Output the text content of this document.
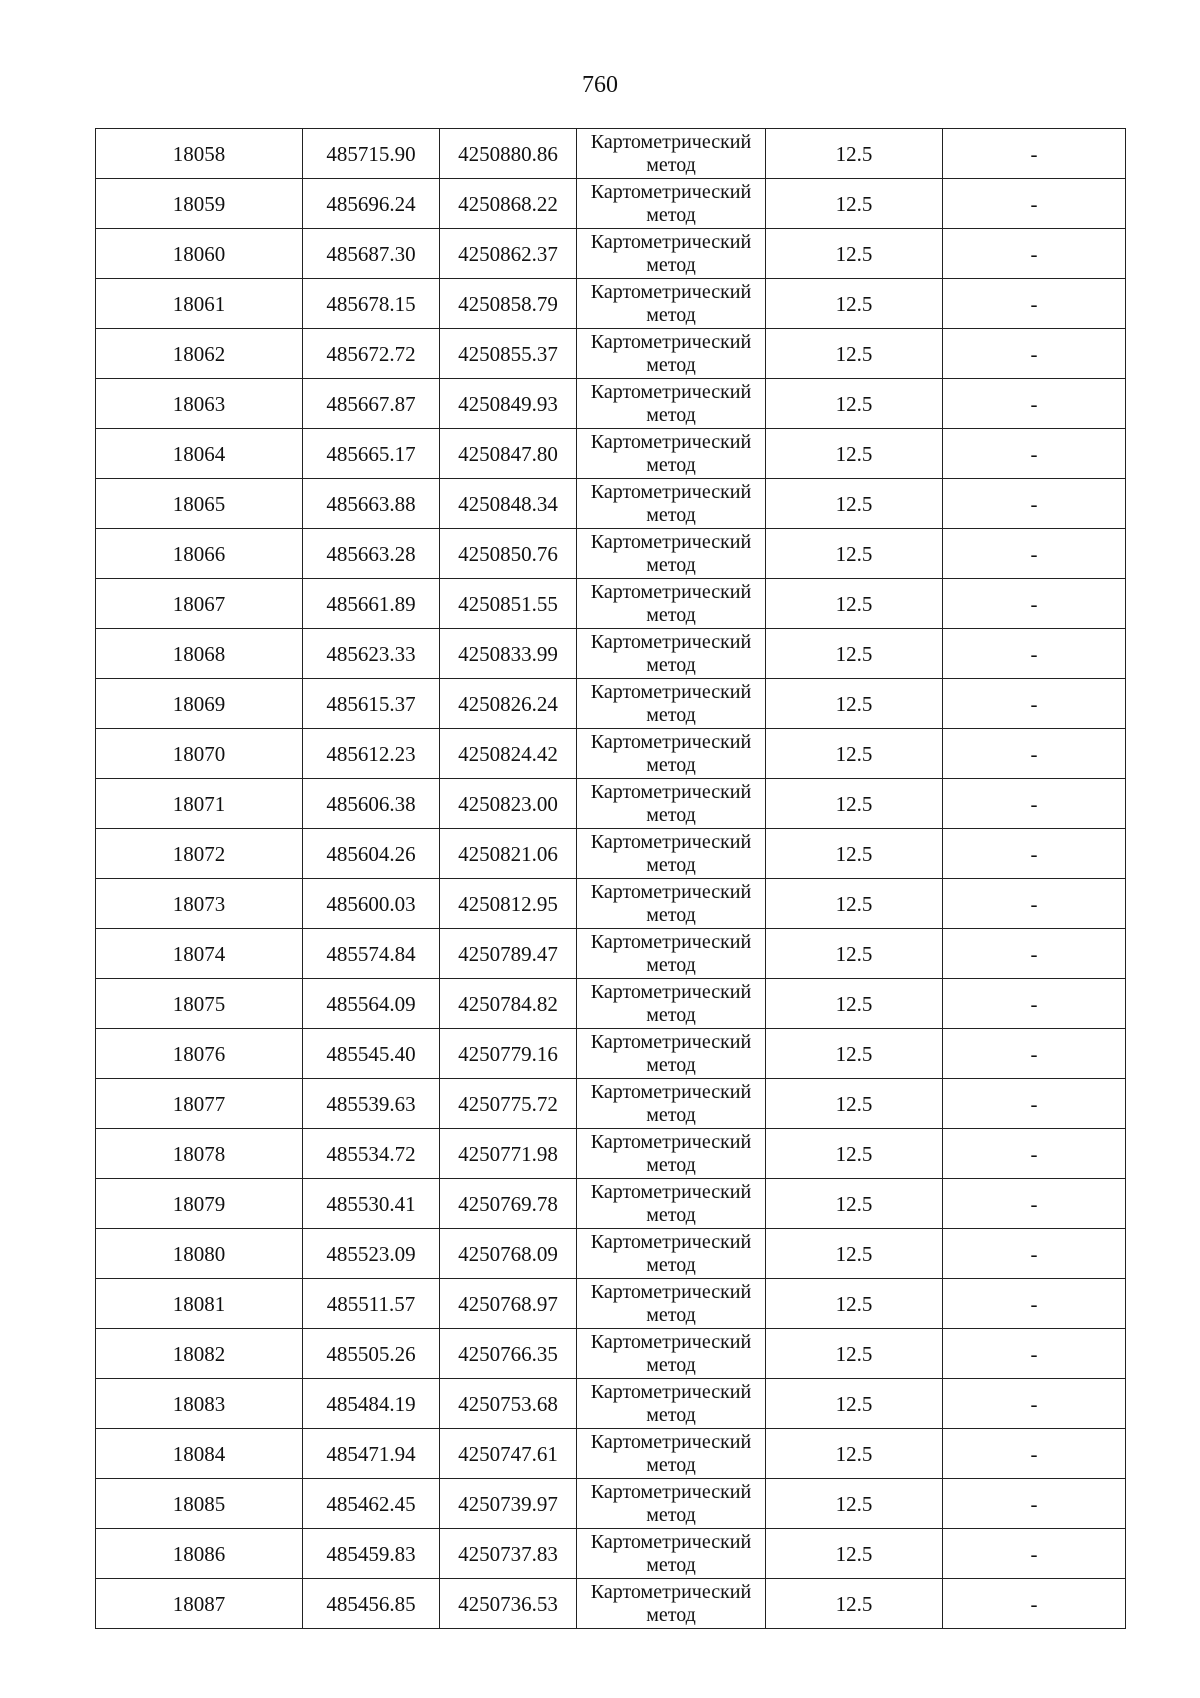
760
18058	485715.90	4250880.86	Картометрический
метод	12.5	-
18059	485696.24	4250868.22	Картометрический
метод	12.5	-
18060	485687.30	4250862.37	Картометрический
метод	12.5	-
18061	485678.15	4250858.79	Картометрический
метод	12.5	-
18062	485672.72	4250855.37	Картометрический
метод	12.5	-
18063	485667.87	4250849.93	Картометрический
метод	12.5	-
18064	485665.17	4250847.80	Картометрический
метод	12.5	-
18065	485663.88	4250848.34	Картометрический
метод	12.5	-
18066	485663.28	4250850.76	Картометрический
метод	12.5	-
18067	485661.89	4250851.55	Картометрический
метод	12.5	-
18068	485623.33	4250833.99	Картометрический
метод	12.5	-
18069	485615.37	4250826.24	Картометрический
метод	12.5	-
18070	485612.23	4250824.42	Картометрический
метод	12.5	-
18071	485606.38	4250823.00	Картометрический
метод	12.5	-
18072	485604.26	4250821.06	Картометрический
метод	12.5	-
18073	485600.03	4250812.95	Картометрический
метод	12.5	-
18074	485574.84	4250789.47	Картометрический
метод	12.5	-
18075	485564.09	4250784.82	Картометрический
метод	12.5	-
18076	485545.40	4250779.16	Картометрический
метод	12.5	-
18077	485539.63	4250775.72	Картометрический
метод	12.5	-
18078	485534.72	4250771.98	Картометрический
метод	12.5	-
18079	485530.41	4250769.78	Картометрический
метод	12.5	-
18080	485523.09	4250768.09	Картометрический
метод	12.5	-
18081	485511.57	4250768.97	Картометрический
метод	12.5	-
18082	485505.26	4250766.35	Картометрический
метод	12.5	-
18083	485484.19	4250753.68	Картометрический
метод	12.5	-
18084	485471.94	4250747.61	Картометрический
метод	12.5	-
18085	485462.45	4250739.97	Картометрический
метод	12.5	-
18086	485459.83	4250737.83	Картометрический
метод	12.5	-
18087	485456.85	4250736.53	Картометрический
метод	12.5	-
